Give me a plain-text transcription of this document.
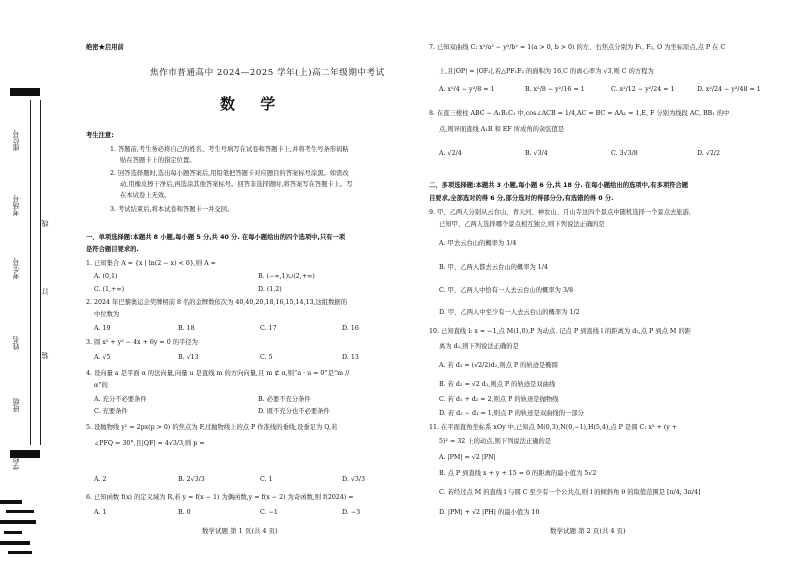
座位号
考场号
考生号
姓名
班级
学校
线
订
装
绝密★启用前
焦作市普通高中 2024—2025 学年(上)高二年级期中考试
数 学
考生注意:
1. 答题前,考生务必将自己的姓名、考生号填写在试卷和答题卡上,并将考生号条形码粘
贴在答题卡上的指定位置。
2. 回答选择题时,选出每小题答案后,用铅笔把答题卡对应题目的答案标号涂黑。如需改
动,用橡皮擦干净后,再选涂其他答案标号。回答非选择题时,将答案写在答题卡上。写
在本试卷上无效。
3. 考试结束后,将本试卷和答题卡一并交回。
一、单项选择题:本题共 8 小题,每小题 5 分,共 40 分. 在每小题给出的四个选项中,只有一项
是符合题目要求的.
1. 已知集合 A = {x | ln(2 − x) < 0},则 A =
A. (0,1)	B. (−∞,1)∪(2,+∞)
C. (1,+∞)	D. (1,2)
2. 2024 年巴黎奥运会奖牌榜前 8 名的金牌数依次为 40,40,20,18,16,15,14,13,这组数据的
中位数为
A. 19	B. 18	C. 17	D. 16
3. 圆 x² + y² − 4x + 6y = 0 的半径为
A. √5	B. √13	C. 5	D. 13
4. 设向量 a 是平面 α 的法向量,向量 u 是直线 m 的方向向量,且 m ⊄ α,则“a · u = 0”是“m //
α”的
A. 充分不必要条件	B. 必要不充分条件
C. 充要条件	D. 既不充分也不必要条件
5. 设抛物线 y² = 2px(p > 0) 的焦点为 F,过抛物线上的点 P 作准线的垂线,设垂足为 Q,若
∠PFQ = 30°,且|QF| = 4√3/3,则 p =
A. 2	B. 2√3/3	C. 1	D. √3/3
6. 已知函数 f(x) 的定义域为 R,若 y = f(x − 1) 为偶函数,y = f(x − 2) 为奇函数,则 f(2024) =
A. 1	B. 0	C. −1	D. −3
数学试题 第 1 页(共 4 页)
7. 已知双曲线 C: x²/a² − y²/b² = 1(a > 0, b > 0) 的左、右焦点分别为 F₁, F₂, O 为坐标原点,点 P 在 C
上,且|OP| = |OF₁|,若△PF₁F₂ 的面积为 16,C 的离心率为 √3,则 C 的方程为
A. x²/4 − y²/8 = 1	B. x²/8 − y²/16 = 1	C. x²/12 − y²/24 = 1	D. x²/24 − y²/48 = 1
8. 在直三棱柱 ABC − A₁B₁C₁ 中,cos∠ACB = 1/4,AC = BC = AA₁ = 1,E, F 分别为线段 AC, BB₁ 的中
点,则异面直线 A₁B 和 EF 所成角的余弦值是
A. √2/4	B. √3/4	C. 3√3/8	D. √2/2
二、多项选择题:本题共 3 小题,每小题 6 分,共 18 分. 在每小题给出的选项中,有多项符合题
目要求,全部选对的得 6 分,部分选对的得部分分,有选错的得 0 分.
9. 甲、乙两人分别从云台山、青天河、神农山、月山寺这四个景点中随机选择一个景点去旅游,
已知甲、乙两人选择哪个景点相互独立,则下列说法正确的是
A. 甲去云台山的概率为 1/4
B. 甲、乙两人都去云台山的概率为 1/4
C. 甲、乙两人中恰有一人去云台山的概率为 3/8
D. 甲、乙两人中至少有一人去云台山的概率为 1/2
10. 已知直线 l: x = −1,点 M(1,0),P 为动点. 记点 P 到直线 l 的距离为 d₁,点 P 到点 M 的距
离为 d₂,则下列说法正确的是
A. 若 d₁ = (√2/2)d₂,则点 P 的轨迹是椭圆
B. 若 d₂ = √2 d₁,则点 P 的轨迹是双曲线
C. 若 d₁ + d₂ = 2,则点 P 的轨迹是抛物线
D. 若 d₂ − d₁ = 1,则点 P 的轨迹是双曲线的一部分
11. 在平面直角坐标系 xOy 中,已知点 M(0,3),N(0,−1),H(5,4),点 P 是圆 C: x² + (y +
5)² = 32 上的动点,则下列说法正确的是
A. |PM| = √2 |PN|
B. 点 P 到直线 x + y + 15 = 0 的距离的最小值为 5√2
C. 若经过点 M 的直线 l 与圆 C 至少有一个公共点,则 l 的倾斜角 θ 的取值范围是 [π/4, 3π/4]
D. |PM| + √2 |PH| 的最小值为 10
数学试题 第 2 页(共 4 页)
